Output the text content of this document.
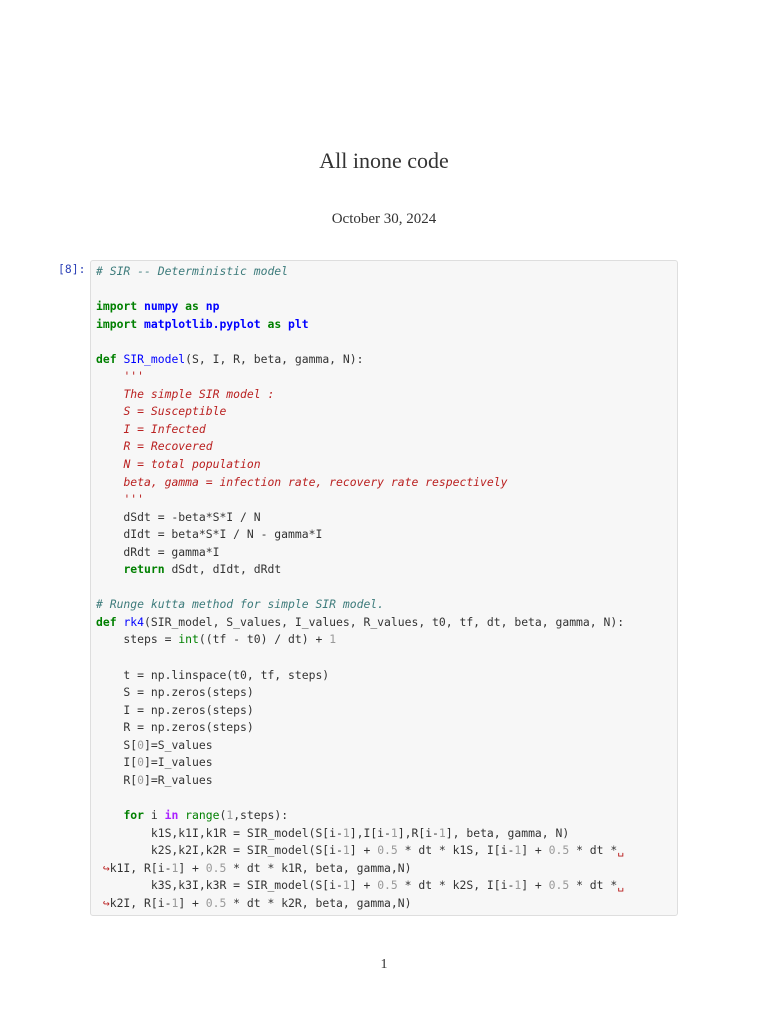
All inone code
October 30, 2024
[8]: # SIR -- Deterministic model

import numpy as np
import matplotlib.pyplot as plt

def SIR_model(S, I, R, beta, gamma, N):
'''
The simple SIR model :
S = Susceptible
I = Infected
R = Recovered
N = total population
beta, gamma = infection rate, recovery rate respectively
'''
dSdt = -beta*S*I / N
dIdt = beta*S*I / N - gamma*I
dRdt = gamma*I
return dSdt, dIdt, dRdt

# Runge kutta method for simple SIR model.
def rk4(SIR_model, S_values, I_values, R_values, t0, tf, dt, beta, gamma, N):
steps = int((tf - t0) / dt) + 1

t = np.linspace(t0, tf, steps)
S = np.zeros(steps)
I = np.zeros(steps)
R = np.zeros(steps)
S[0]=S_values
I[0]=I_values
R[0]=R_values

for i in range(1,steps):
k1S,k1I,k1R = SIR_model(S[i-1],I[i-1],R[i-1], beta, gamma, N)
k2S,k2I,k2R = SIR_model(S[i-1] + 0.5 * dt * k1S, I[i-1] + 0.5 * dt *␣
↪k1I, R[i-1] + 0.5 * dt * k1R, beta, gamma,N)
k3S,k3I,k3R = SIR_model(S[i-1] + 0.5 * dt * k2S, I[i-1] + 0.5 * dt *␣
↪k2I, R[i-1] + 0.5 * dt * k2R, beta, gamma,N)
1
